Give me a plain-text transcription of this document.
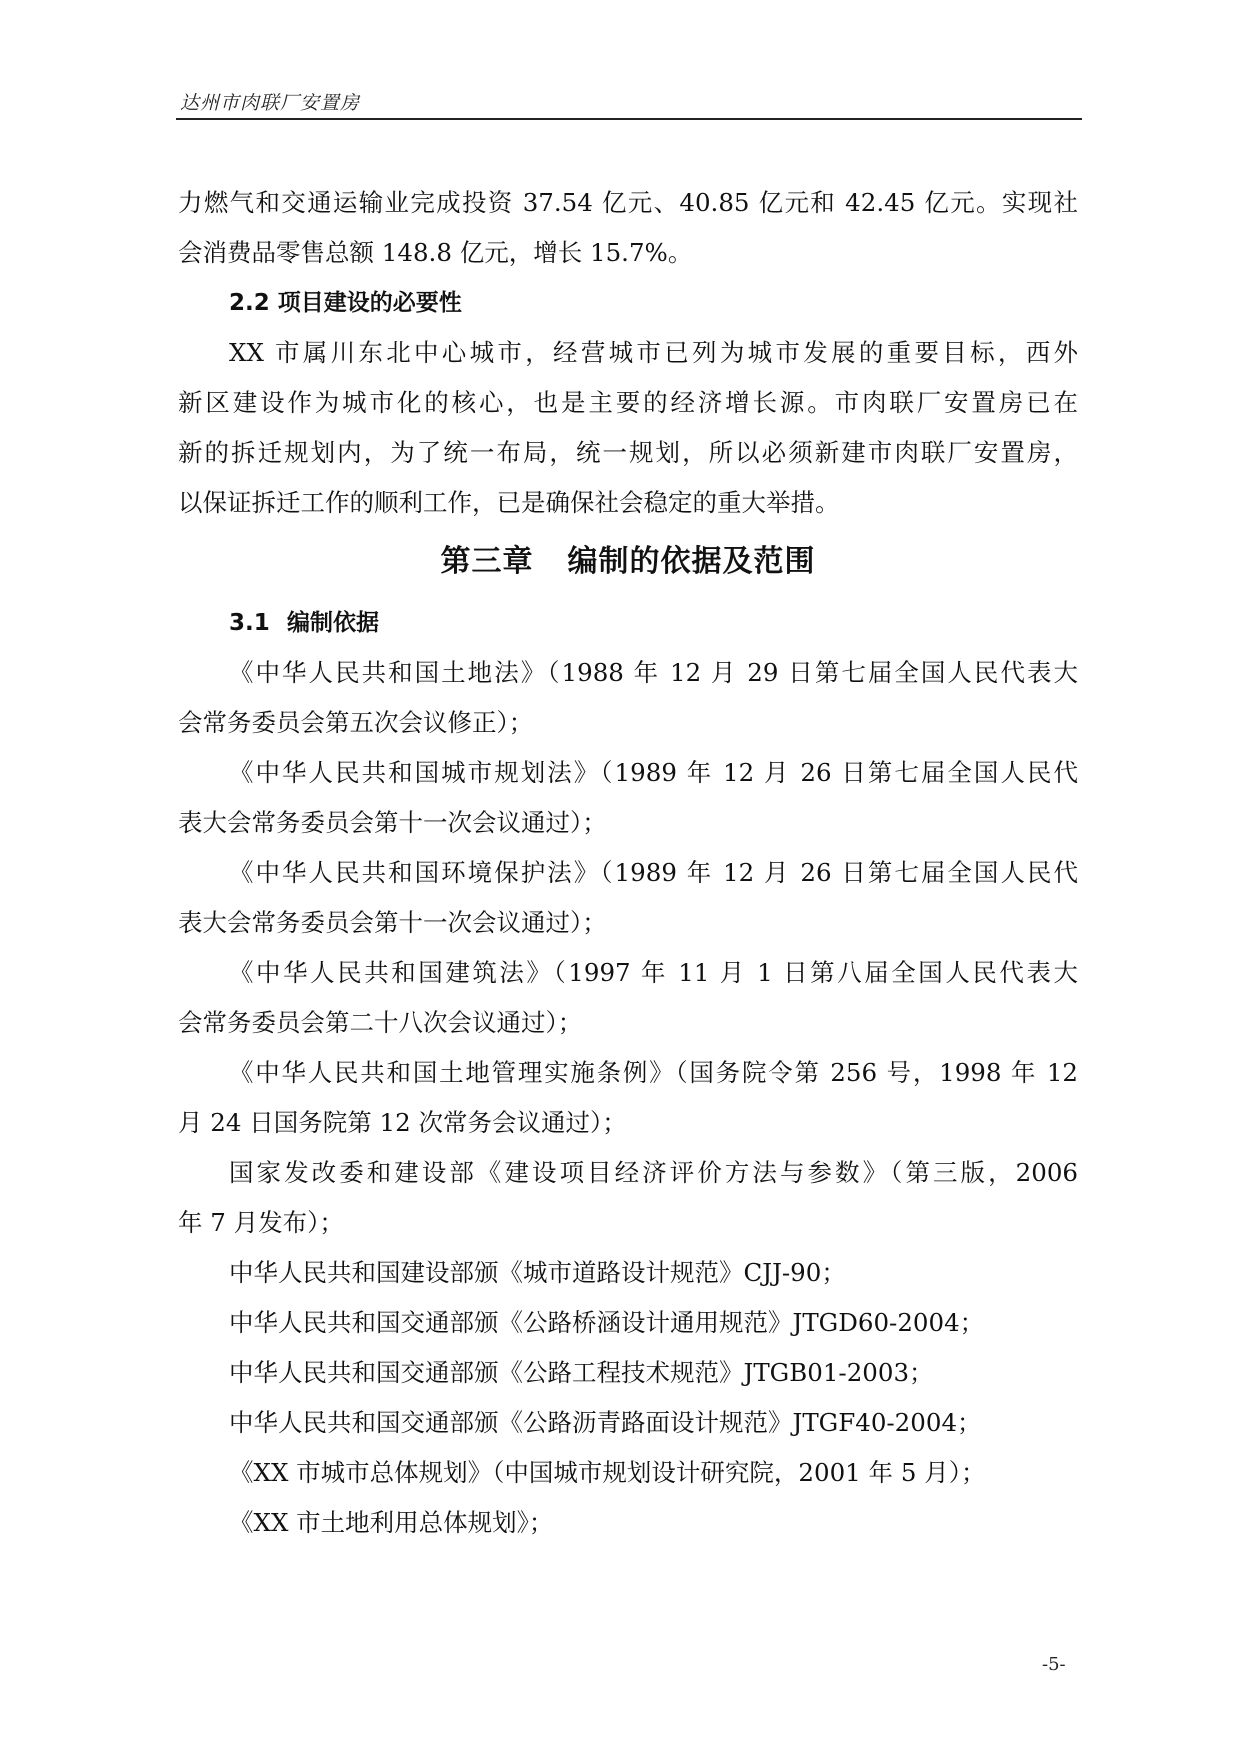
达州市肉联厂安置房

力燃气和交通运输业完成投资 37.54 亿元、40.85 亿元和 42.45 亿元。实现社

会消费品零售总额 148.8 亿元，增长 15.7%。

2.2 项目建设的必要性

XX 市属川东北中心城市，经营城市已列为城市发展的重要目标，西外

新区建设作为城市化的核心，也是主要的经济增长源。市肉联厂安置房已在

新的拆迁规划内，为了统一布局，统一规划，所以必须新建市肉联厂安置房，

以保证拆迁工作的顺利工作，已是确保社会稳定的重大举措。

第三章 编制的依据及范围
3.1 编制依据

《中华人民共和国土地法》（1988 年 12 月 29 日第七届全国人民代表大

会常务委员会第五次会议修正）；

《中华人民共和国城市规划法》（1989 年 12 月 26 日第七届全国人民代

表大会常务委员会第十一次会议通过）；

《中华人民共和国环境保护法》（1989 年 12 月 26 日第七届全国人民代

表大会常务委员会第十一次会议通过）；

《中华人民共和国建筑法》（1997 年 11 月 1 日第八届全国人民代表大

会常务委员会第二十八次会议通过）；

《中华人民共和国土地管理实施条例》（国务院令第 256 号，1998 年 12

月 24 日国务院第 12 次常务会议通过）；

国家发改委和建设部《建设项目经济评价方法与参数》（第三版，2006

年 7 月发布）；

中华人民共和国建设部颁《城市道路设计规范》CJJ-90；

中华人民共和国交通部颁《公路桥涵设计通用规范》JTGD60-2004；

中华人民共和国交通部颁《公路工程技术规范》JTGB01-2003；

中华人民共和国交通部颁《公路沥青路面设计规范》JTGF40-2004；

《XX 市城市总体规划》（中国城市规划设计研究院，2001 年 5 月）；

《XX 市土地利用总体规划》；

-5-
